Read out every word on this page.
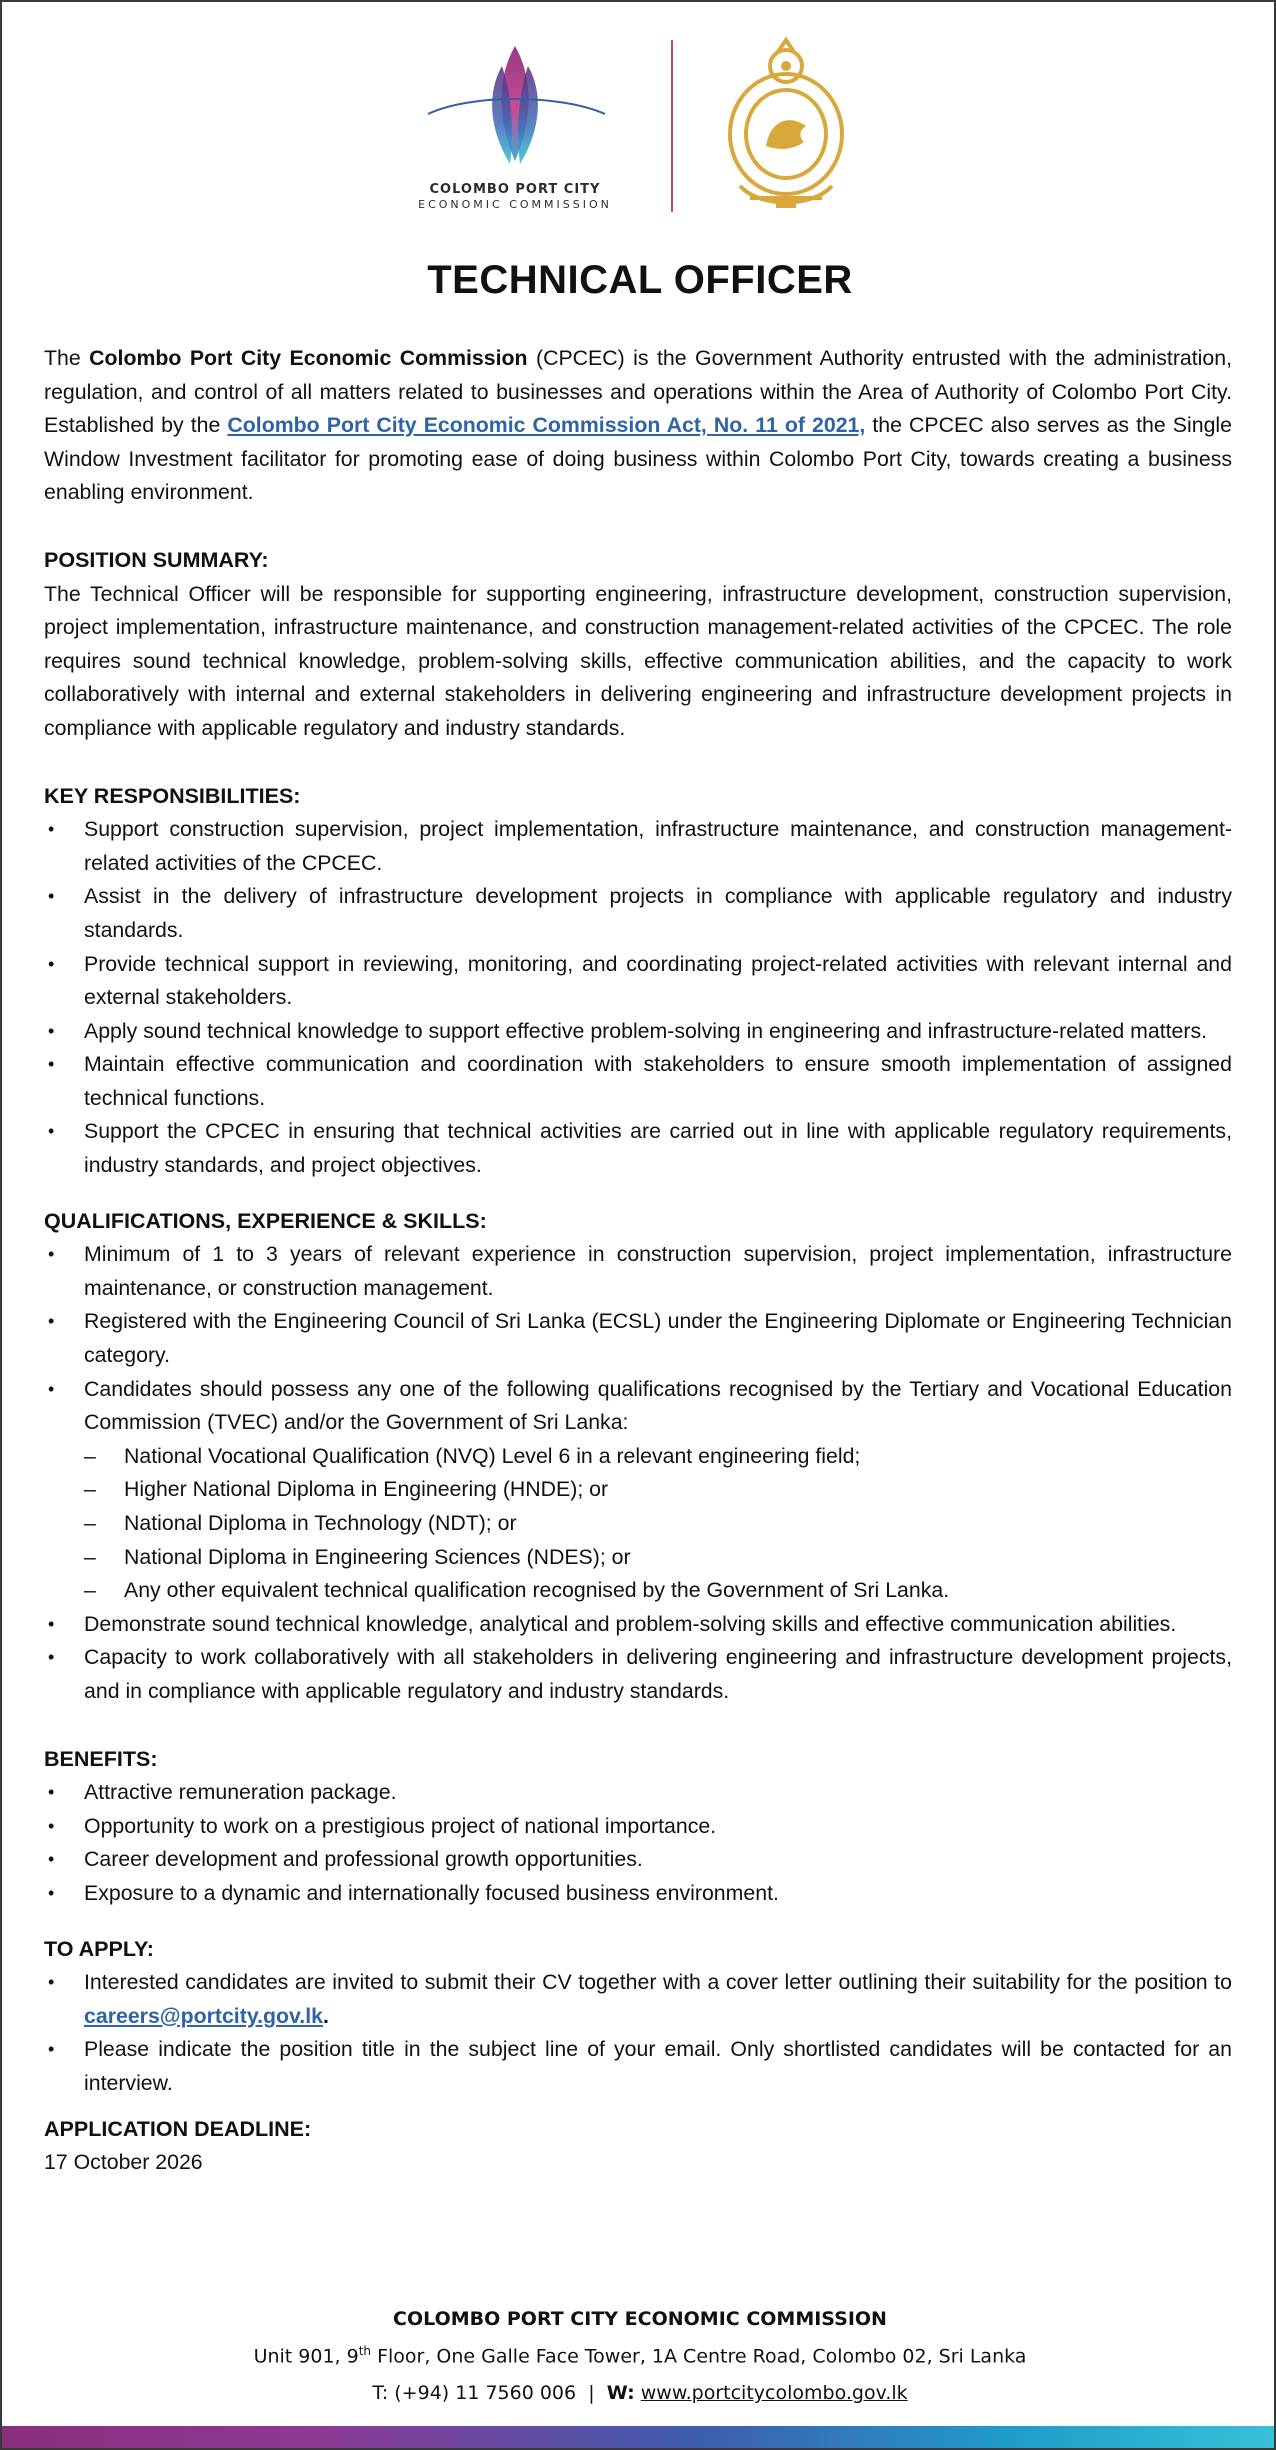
COLOMBO PORT CITY
ECONOMIC COMMISSION
TECHNICAL OFFICER

The Colombo Port City Economic Commission (CPCEC) is the Government Authority entrusted with the administration, regulation, and control of all matters related to businesses and operations within the Area of Authority of Colombo Port City. Established by the Colombo Port City Economic Commission Act, No. 11 of 2021, the CPCEC also serves as the Single Window Investment facilitator for promoting ease of doing business within Colombo Port City, towards creating a business enabling environment.

POSITION SUMMARY:

The Technical Officer will be responsible for supporting engineering, infrastructure development, construction supervision, project implementation, infrastructure maintenance, and construction management-related activities of the CPCEC. The role requires sound technical knowledge, problem-solving skills, effective communication abilities, and the capacity to work collaboratively with internal and external stakeholders in delivering engineering and infrastructure development projects in compliance with applicable regulatory and industry standards.

KEY RESPONSIBILITIES:
• Support construction supervision, project implementation, infrastructure maintenance, and construction management-related activities of the CPCEC.
• Assist in the delivery of infrastructure development projects in compliance with applicable regulatory and industry standards.
• Provide technical support in reviewing, monitoring, and coordinating project-related activities with relevant internal and external stakeholders.
• Apply sound technical knowledge to support effective problem-solving in engineering and infrastructure-related matters.
• Maintain effective communication and coordination with stakeholders to ensure smooth implementation of assigned technical functions.
• Support the CPCEC in ensuring that technical activities are carried out in line with applicable regulatory requirements, industry standards, and project objectives.
QUALIFICATIONS, EXPERIENCE & SKILLS:
• Minimum of 1 to 3 years of relevant experience in construction supervision, project implementation, infrastructure maintenance, or construction management.
• Registered with the Engineering Council of Sri Lanka (ECSL) under the Engineering Diplomate or Engineering Technician category.
• Candidates should possess any one of the following qualifications recognised by the Tertiary and Vocational Education Commission (TVEC) and/or the Government of Sri Lanka:
– National Vocational Qualification (NVQ) Level 6 in a relevant engineering field;
– Higher National Diploma in Engineering (HNDE); or
– National Diploma in Technology (NDT); or
– National Diploma in Engineering Sciences (NDES); or
– Any other equivalent technical qualification recognised by the Government of Sri Lanka.
• Demonstrate sound technical knowledge, analytical and problem-solving skills and effective communication abilities.
• Capacity to work collaboratively with all stakeholders in delivering engineering and infrastructure development projects, and in compliance with applicable regulatory and industry standards.
BENEFITS:
• Attractive remuneration package.
• Opportunity to work on a prestigious project of national importance.
• Career development and professional growth opportunities.
• Exposure to a dynamic and internationally focused business environment.
TO APPLY:
• Interested candidates are invited to submit their CV together with a cover letter outlining their suitability for the position to careers@portcity.gov.lk.
• Please indicate the position title in the subject line of your email. Only shortlisted candidates will be contacted for an interview.
APPLICATION DEADLINE:

17 October 2026

COLOMBO PORT CITY ECONOMIC COMMISSION
Unit 901, 9th Floor, One Galle Face Tower, 1A Centre Road, Colombo 02, Sri Lanka
T: (+94) 11 7560 006 | W: www.portcitycolombo.gov.lk
